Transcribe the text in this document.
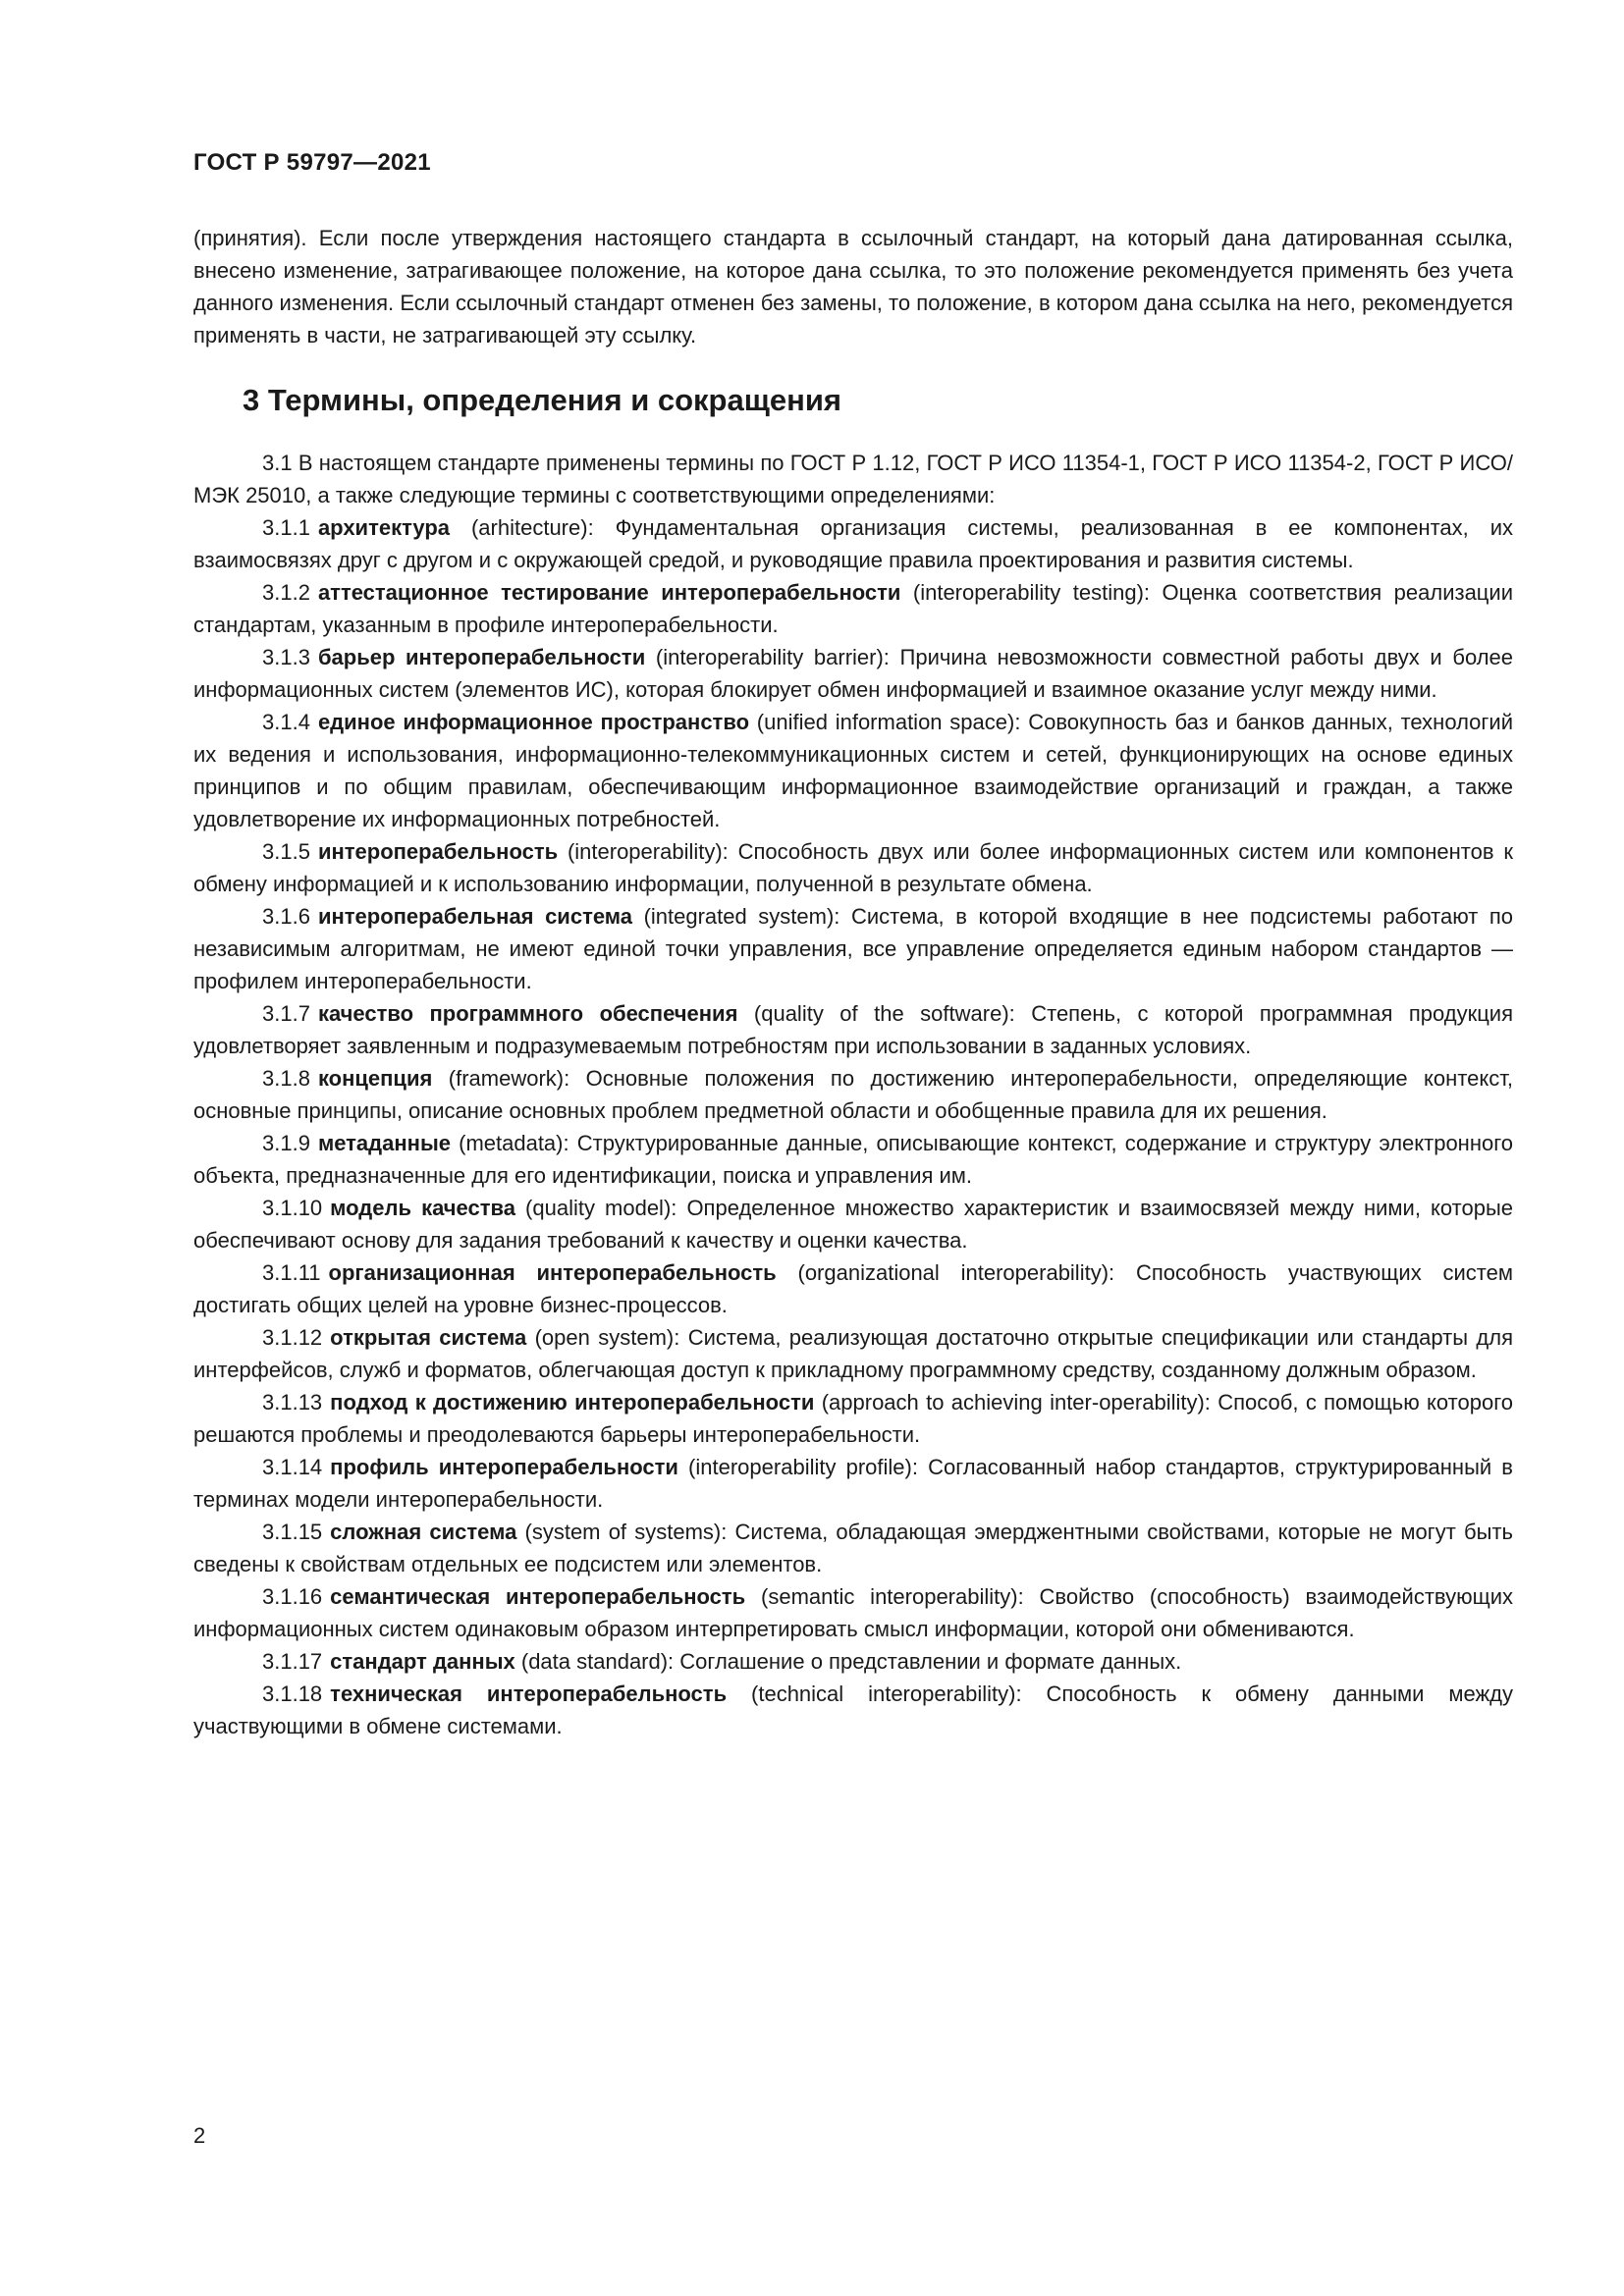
ГОСТ Р 59797—2021

(принятия). Если после утверждения настоящего стандарта в ссылочный стандарт, на который дана датированная ссылка, внесено изменение, затрагивающее положение, на которое дана ссылка, то это положение рекомендуется применять без учета данного изменения. Если ссылочный стандарт отменен без замены, то положение, в котором дана ссылка на него, рекомендуется применять в части, не затрагивающей эту ссылку.

3 Термины, определения и сокращения

3.1 В настоящем стандарте применены термины по ГОСТ Р 1.12, ГОСТ Р ИСО 11354-1, ГОСТ Р ИСО 11354-2, ГОСТ Р ИСО/МЭК 25010, а также следующие термины с соответствующими определениями:

3.1.1 архитектура (arhitecture): Фундаментальная организация системы, реализованная в ее компонентах, их взаимосвязях друг с другом и с окружающей средой, и руководящие правила проектирования и развития системы.

3.1.2 аттестационное тестирование интероперабельности (interoperability testing): Оценка соответствия реализации стандартам, указанным в профиле интероперабельности.

3.1.3 барьер интероперабельности (interoperability barrier): Причина невозможности совместной работы двух и более информационных систем (элементов ИС), которая блокирует обмен информацией и взаимное оказание услуг между ними.

3.1.4 единое информационное пространство (unified information space): Совокупность баз и банков данных, технологий их ведения и использования, информационно-телекоммуникационных систем и сетей, функционирующих на основе единых принципов и по общим правилам, обеспечивающим информационное взаимодействие организаций и граждан, а также удовлетворение их информационных потребностей.

3.1.5 интероперабельность (interoperability): Способность двух или более информационных систем или компонентов к обмену информацией и к использованию информации, полученной в результате обмена.

3.1.6 интероперабельная система (integrated system): Система, в которой входящие в нее подсистемы работают по независимым алгоритмам, не имеют единой точки управления, все управление определяется единым набором стандартов — профилем интероперабельности.

3.1.7 качество программного обеспечения (quality of the software): Степень, с которой программная продукция удовлетворяет заявленным и подразумеваемым потребностям при использовании в заданных условиях.

3.1.8 концепция (framework): Основные положения по достижению интероперабельности, определяющие контекст, основные принципы, описание основных проблем предметной области и обобщенные правила для их решения.

3.1.9 метаданные (metadata): Структурированные данные, описывающие контекст, содержание и структуру электронного объекта, предназначенные для его идентификации, поиска и управления им.

3.1.10 модель качества (quality model): Определенное множество характеристик и взаимосвязей между ними, которые обеспечивают основу для задания требований к качеству и оценки качества.

3.1.11 организационная интероперабельность (organizational interoperability): Способность участвующих систем достигать общих целей на уровне бизнес-процессов.

3.1.12 открытая система (open system): Система, реализующая достаточно открытые спецификации или стандарты для интерфейсов, служб и форматов, облегчающая доступ к прикладному программному средству, созданному должным образом.

3.1.13 подход к достижению интероперабельности (approach to achieving inter-operability): Способ, с помощью которого решаются проблемы и преодолеваются барьеры интероперабельности.

3.1.14 профиль интероперабельности (interoperability profile): Согласованный набор стандартов, структурированный в терминах модели интероперабельности.

3.1.15 сложная система (system of systems): Система, обладающая эмерджентными свойствами, которые не могут быть сведены к свойствам отдельных ее подсистем или элементов.

3.1.16 семантическая интероперабельность (semantic interoperability): Свойство (способность) взаимодействующих информационных систем одинаковым образом интерпретировать смысл информации, которой они обмениваются.

3.1.17 стандарт данных (data standard): Соглашение о представлении и формате данных.

3.1.18 техническая интероперабельность (technical interoperability): Способность к обмену данными между участвующими в обмене системами.

2
